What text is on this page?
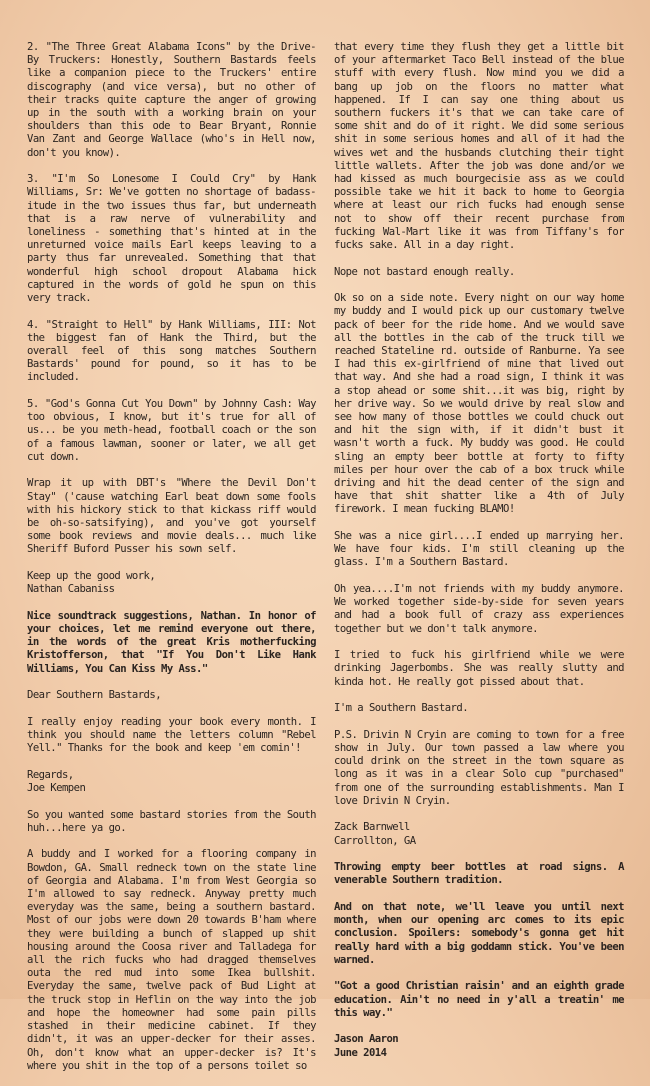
2. "The Three Great Alabama Icons" by the Drive-By Truckers: Honestly, Southern Bastards feels like a companion piece to the Truckers' entire discography (and vice versa), but no other of their tracks quite capture the anger of growing up in the south with a working brain on your shoulders than this ode to Bear Bryant, Ronnie Van Zant and George Wallace (who's in Hell now, don't you know).

3. "I'm So Lonesome I Could Cry" by Hank Williams, Sr: We've gotten no shortage of badass-itude in the two issues thus far, but underneath that is a raw nerve of vulnerability and loneliness - something that's hinted at in the unreturned voice mails Earl keeps leaving to a party thus far unrevealed. Something that that wonderful high school dropout Alabama hick captured in the words of gold he spun on this very track.

4. "Straight to Hell" by Hank Williams, III: Not the biggest fan of Hank the Third, but the overall feel of this song matches Southern Bastards' pound for pound, so it has to be included.

5. "God's Gonna Cut You Down" by Johnny Cash: Way too obvious, I know, but it's true for all of us... be you meth-head, football coach or the son of a famous lawman, sooner or later, we all get cut down.

Wrap it up with DBT's "Where the Devil Don't Stay" ('cause watching Earl beat down some fools with his hickory stick to that kickass riff would be oh-so-satsifying), and you've got yourself some book reviews and movie deals... much like Sheriff Buford Pusser his sown self.

Keep up the good work,
Nathan Cabaniss

Nice soundtrack suggestions, Nathan. In honor of your choices, let me remind everyone out there, in the words of the great Kris motherfucking Kristofferson, that "If You Don't Like Hank Williams, You Can Kiss My Ass."

Dear Southern Bastards,

I really enjoy reading your book every month. I think you should name the letters column "Rebel Yell." Thanks for the book and keep 'em comin'!

Regards,
Joe Kempen

So you wanted some bastard stories from the South huh...here ya go.

A buddy and I worked for a flooring company in Bowdon, GA. Small redneck town on the state line of Georgia and Alabama. I'm from West Georgia so I'm allowed to say redneck. Anyway pretty much everyday was the same, being a southern bastard. Most of our jobs were down 20 towards B'ham where they were building a bunch of slapped up shit housing around the Coosa river and Talladega for all the rich fucks who had dragged themselves outa the red mud into some Ikea bullshit. Everyday the same, twelve pack of Bud Light at the truck stop in Heflin on the way into the job and hope the homeowner had some pain pills stashed in their medicine cabinet. If they didn't, it was an upper-decker for their asses. Oh, don't know what an upper-decker is? It's where you shit in the top of a persons toilet so

that every time they flush they get a little bit of your aftermarket Taco Bell instead of the blue stuff with every flush. Now mind you we did a bang up job on the floors no matter what happened. If I can say one thing about us southern fuckers it's that we can take care of some shit and do of it right. We did some serious shit in some serious homes and all of it had the wives wet and the husbands clutching their tight little wallets. After the job was done and/or we had kissed as much bourgecisie ass as we could possible take we hit it back to home to Georgia where at least our rich fucks had enough sense not to show off their recent purchase from fucking Wal-Mart like it was from Tiffany's for fucks sake. All in a day right.

Nope not bastard enough really.

Ok so on a side note. Every night on our way home my buddy and I would pick up our customary twelve pack of beer for the ride home. And we would save all the bottles in the cab of the truck till we reached Stateline rd. outside of Ranburne. Ya see I had this ex-girlfriend of mine that lived out that way. And she had a road sign, I think it was a stop ahead or some shit...it was big, right by her drive way. So we would drive by real slow and see how many of those bottles we could chuck out and hit the sign with, if it didn't bust it wasn't worth a fuck. My buddy was good. He could sling an empty beer bottle at forty to fifty miles per hour over the cab of a box truck while driving and hit the dead center of the sign and have that shit shatter like a 4th of July firework. I mean fucking BLAMO!

She was a nice girl....I ended up marrying her. We have four kids. I'm still cleaning up the glass. I'm a Southern Bastard.

Oh yea....I'm not friends with my buddy anymore. We worked together side-by-side for seven years and had a book full of crazy ass experiences together but we don't talk anymore.

I tried to fuck his girlfriend while we were drinking Jagerbombs. She was really slutty and kinda hot. He really got pissed about that.

I'm a Southern Bastard.

P.S. Drivin N Cryin are coming to town for a free show in July. Our town passed a law where you could drink on the street in the town square as long as it was in a clear Solo cup "purchased" from one of the surrounding establishments. Man I love Drivin N Cryin.

Zack Barnwell
Carrollton, GA

Throwing empty beer bottles at road signs. A venerable Southern tradition.

And on that note, we'll leave you until next month, when our opening arc comes to its epic conclusion. Spoilers: somebody's gonna get hit really hard with a big goddamn stick. You've been warned.

"Got a good Christian raisin' and an eighth grade education. Ain't no need in y'all a treatin' me this way."

Jason Aaron
June 2014
